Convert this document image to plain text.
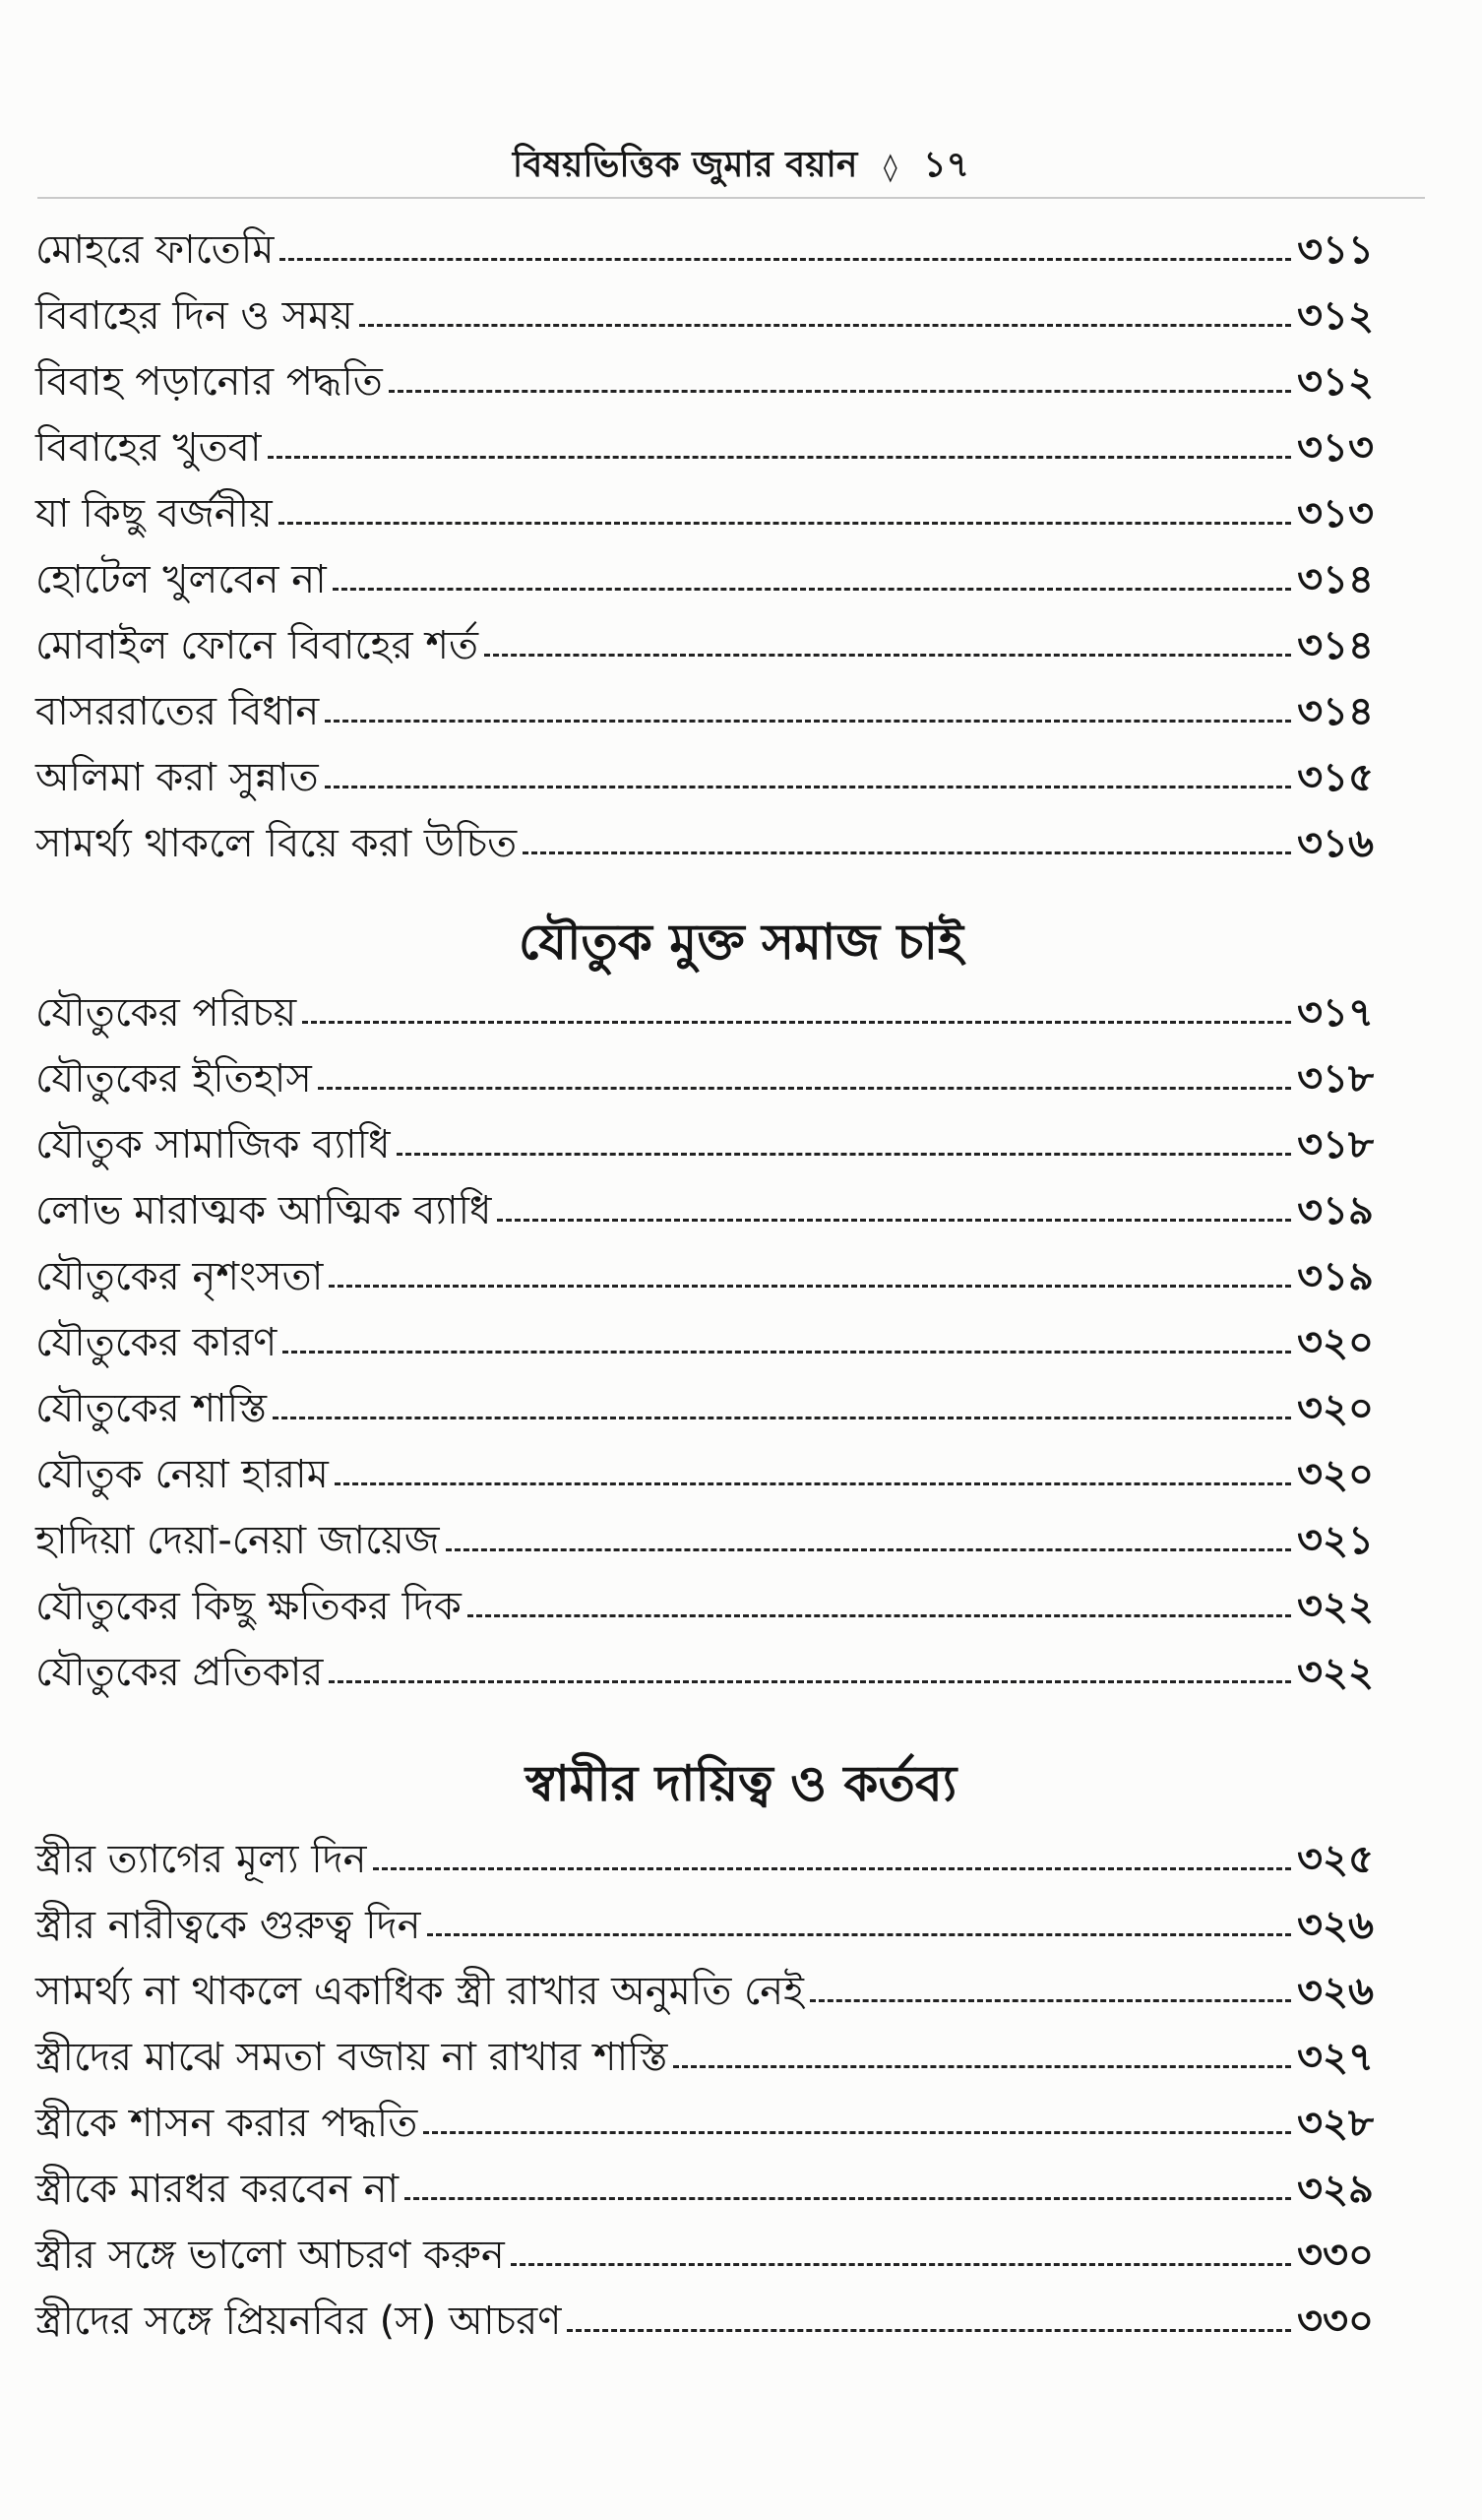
বিষয়ভিত্তিক জুমার বয়ান ◊ ১৭
মোহরে ফাতেমি	৩১১
বিবাহের দিন ও সময়	৩১২
বিবাহ পড়ানোর পদ্ধতি	৩১২
বিবাহের খুতবা	৩১৩
যা কিছু বর্জনীয়	৩১৩
হোটেল খুলবেন না	৩১৪
মোবাইল ফোনে বিবাহের শর্ত	৩১৪
বাসররাতের বিধান	৩১৪
অলিমা করা সুন্নাত	৩১৫
সামর্থ্য থাকলে বিয়ে করা উচিত	৩১৬
যৌতুক মুক্ত সমাজ চাই
যৌতুকের পরিচয়	৩১৭
যৌতুকের ইতিহাস	৩১৮
যৌতুক সামাজিক ব্যাধি	৩১৮
লোভ মারাত্মক আত্মিক ব্যাধি	৩১৯
যৌতুকের নৃশংসতা	৩১৯
যৌতুকের কারণ	৩২০
যৌতুকের শাস্তি	৩২০
যৌতুক নেয়া হারাম	৩২০
হাদিয়া দেয়া-নেয়া জায়েজ	৩২১
যৌতুকের কিছু ক্ষতিকর দিক	৩২২
যৌতুকের প্রতিকার	৩২২
স্বামীর দায়িত্ব ও কর্তব্য
স্ত্রীর ত্যাগের মূল্য দিন	৩২৫
স্ত্রীর নারীত্বকে গুরুত্ব দিন	৩২৬
সামর্থ্য না থাকলে একাধিক স্ত্রী রাখার অনুমতি নেই	৩২৬
স্ত্রীদের মাঝে সমতা বজায় না রাখার শাস্তি	৩২৭
স্ত্রীকে শাসন করার পদ্ধতি	৩২৮
স্ত্রীকে মারধর করবেন না	৩২৯
স্ত্রীর সঙ্গে ভালো আচরণ করুন	৩৩০
স্ত্রীদের সঙ্গে প্রিয়নবির (স) আচরণ	৩৩০
